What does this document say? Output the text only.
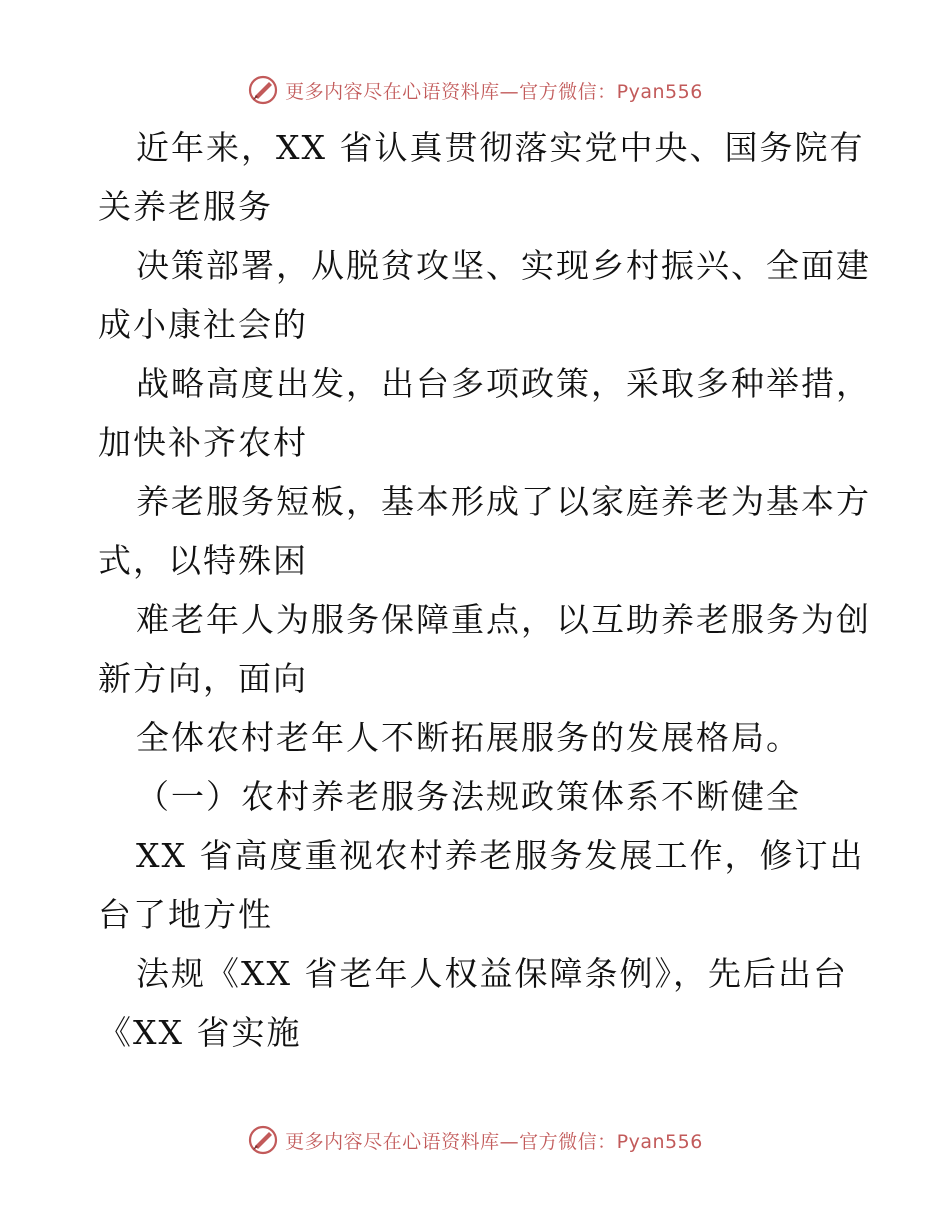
更多内容尽在心语资料库—官方微信：Pyan556
近年来，XX 省认真贯彻落实党中央、国务院有
关养老服务
决策部署，从脱贫攻坚、实现乡村振兴、全面建
成小康社会的
战略高度出发，出台多项政策，采取多种举措，
加快补齐农村
养老服务短板，基本形成了以家庭养老为基本方
式，以特殊困
难老年人为服务保障重点，以互助养老服务为创
新方向，面向
全体农村老年人不断拓展服务的发展格局。
（一）农村养老服务法规政策体系不断健全
XX 省高度重视农村养老服务发展工作，修订出
台了地方性
法规《XX 省老年人权益保障条例》，先后出台
《XX 省实施
更多内容尽在心语资料库—官方微信：Pyan556
